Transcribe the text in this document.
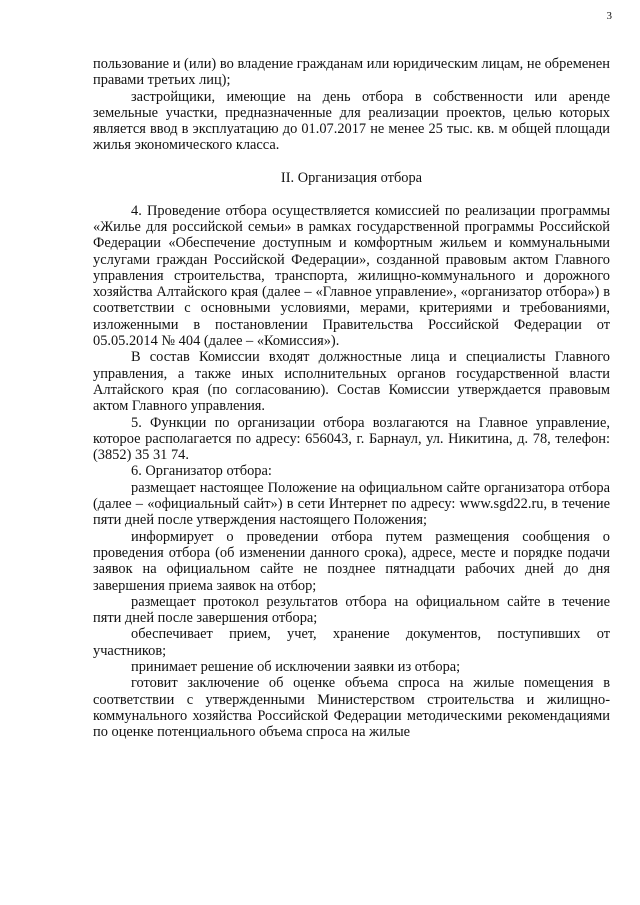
3

пользование и (или) во владение гражданам или юридическим лицам, не обременен правами третьих лиц);

застройщики, имеющие на день отбора в собственности или аренде земельные участки, предназначенные для реализации проектов, целью которых является ввод в эксплуатацию до 01.07.2017 не менее 25 тыс. кв. м общей площади жилья экономического класса.

II. Организация отбора

4. Проведение отбора осуществляется комиссией по реализации программы «Жилье для российской семьи» в рамках государственной программы Российской Федерации «Обеспечение доступным и комфортным жильем и коммунальными услугами граждан Российской Федерации», созданной правовым актом Главного управления строительства, транспорта, жилищно-коммунального и дорожного хозяйства Алтайского края (далее – «Главное управление», «организатор отбора») в соответствии с основными условиями, мерами, критериями и требованиями, изложенными в постановлении Правительства Российской Федерации от 05.05.2014 № 404 (далее – «Комиссия»).

В состав Комиссии входят должностные лица и специалисты Главного управления, а также иных исполнительных органов государственной власти Алтайского края (по согласованию). Состав Комиссии утверждается правовым актом Главного управления.

5. Функции по организации отбора возлагаются на Главное управление, которое располагается по адресу: 656043, г. Барнаул, ул. Никитина, д. 78, телефон: (3852) 35 31 74.

6. Организатор отбора:

размещает настоящее Положение на официальном сайте организатора отбора (далее – «официальный сайт») в сети Интернет по адресу: www.sgd22.ru, в течение пяти дней после утверждения настоящего Положения;

информирует о проведении отбора путем размещения сообщения о проведения отбора (об изменении данного срока), адресе, месте и порядке подачи заявок на официальном сайте не позднее пятнадцати рабочих дней до дня завершения приема заявок на отбор;

размещает протокол результатов отбора на официальном сайте в течение пяти дней после завершения отбора;

обеспечивает прием, учет, хранение документов, поступивших от участников;

принимает решение об исключении заявки из отбора;

готовит заключение об оценке объема спроса на жилые помещения в соответствии с утвержденными Министерством строительства и жилищно-коммунального хозяйства Российской Федерации методическими рекомендациями по оценке потенциального объема спроса на жилые
